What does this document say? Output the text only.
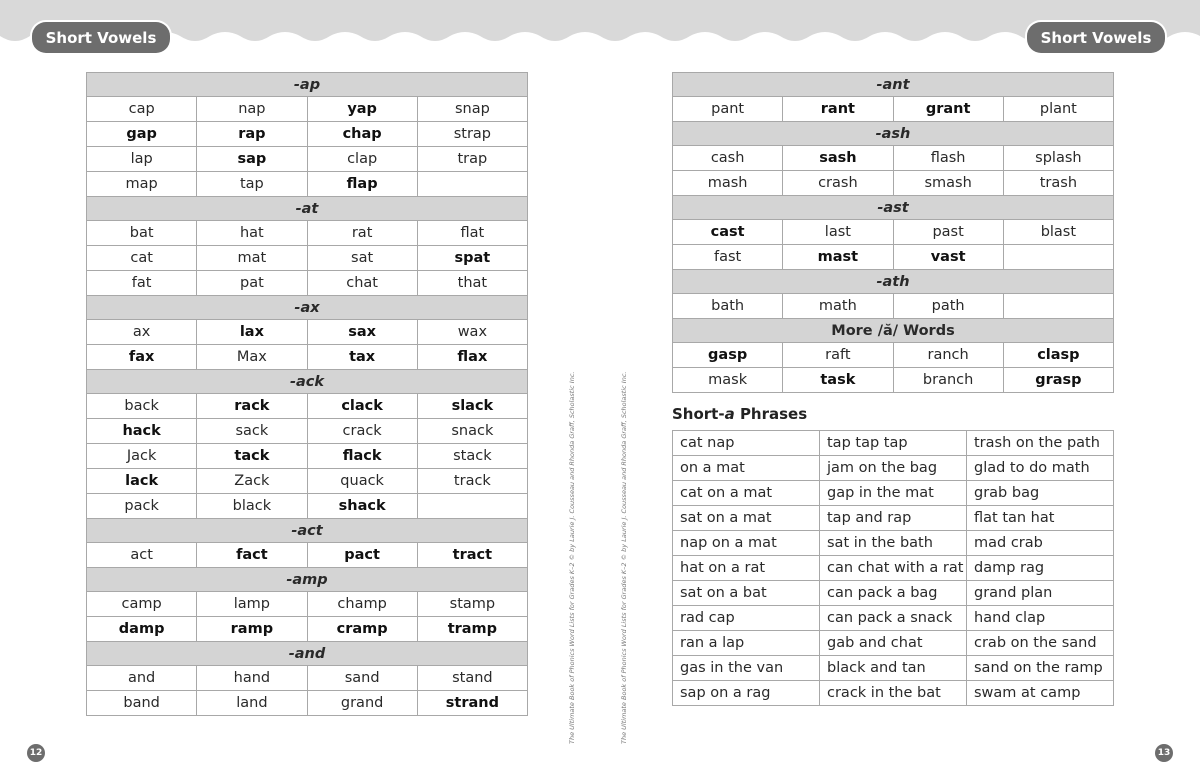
Short Vowels	Short Vowels
-ap			
cap	nap	yap	snap
gap	rap	chap	strap
lap	sap	clap	trap
map	tap	flap	
-at			
bat	hat	rat	flat
cat	mat	sat	spat
fat	pat	chat	that
-ax			
ax	lax	sax	wax
fax	Max	tax	flax
-ack			
back	rack	clack	slack
hack	sack	crack	snack
Jack	tack	flack	stack
lack	Zack	quack	track
pack	black	shack	
-act			
act	fact	pact	tract
-amp			
camp	lamp	champ	stamp
damp	ramp	cramp	tramp
-and			
and	hand	sand	stand
band	land	grand	strand
-ant			
pant	rant	grant	plant
-ash			
cash	sash	flash	splash
mash	crash	smash	trash
-ast			
cast	last	past	blast
fast	mast	vast	
-ath			
bath	math	path	
More /ă/ Words			
gasp	raft	ranch	clasp
mask	task	branch	grasp
Short-a Phrases
cat nap	tap tap tap	trash on the path
on a mat	jam on the bag	glad to do math
cat on a mat	gap in the mat	grab bag
sat on a mat	tap and rap	flat tan hat
nap on a mat	sat in the bath	mad crab
hat on a rat	can chat with a rat	damp rag
sat on a bat	can pack a bag	grand plan
rad cap	can pack a snack	hand clap
ran a lap	gab and chat	crab on the sand
gas in the van	black and tan	sand on the ramp
sap on a rag	crack in the bat	swam at camp
The Ultimate Book of Phonics Word Lists for Grades K–2 © by Laurie J. Cousseau and Rhonda Graff, Scholastic Inc.	The Ultimate Book of Phonics Word Lists for Grades K–2 © by Laurie J. Cousseau and Rhonda Graff, Scholastic Inc.
12	13
